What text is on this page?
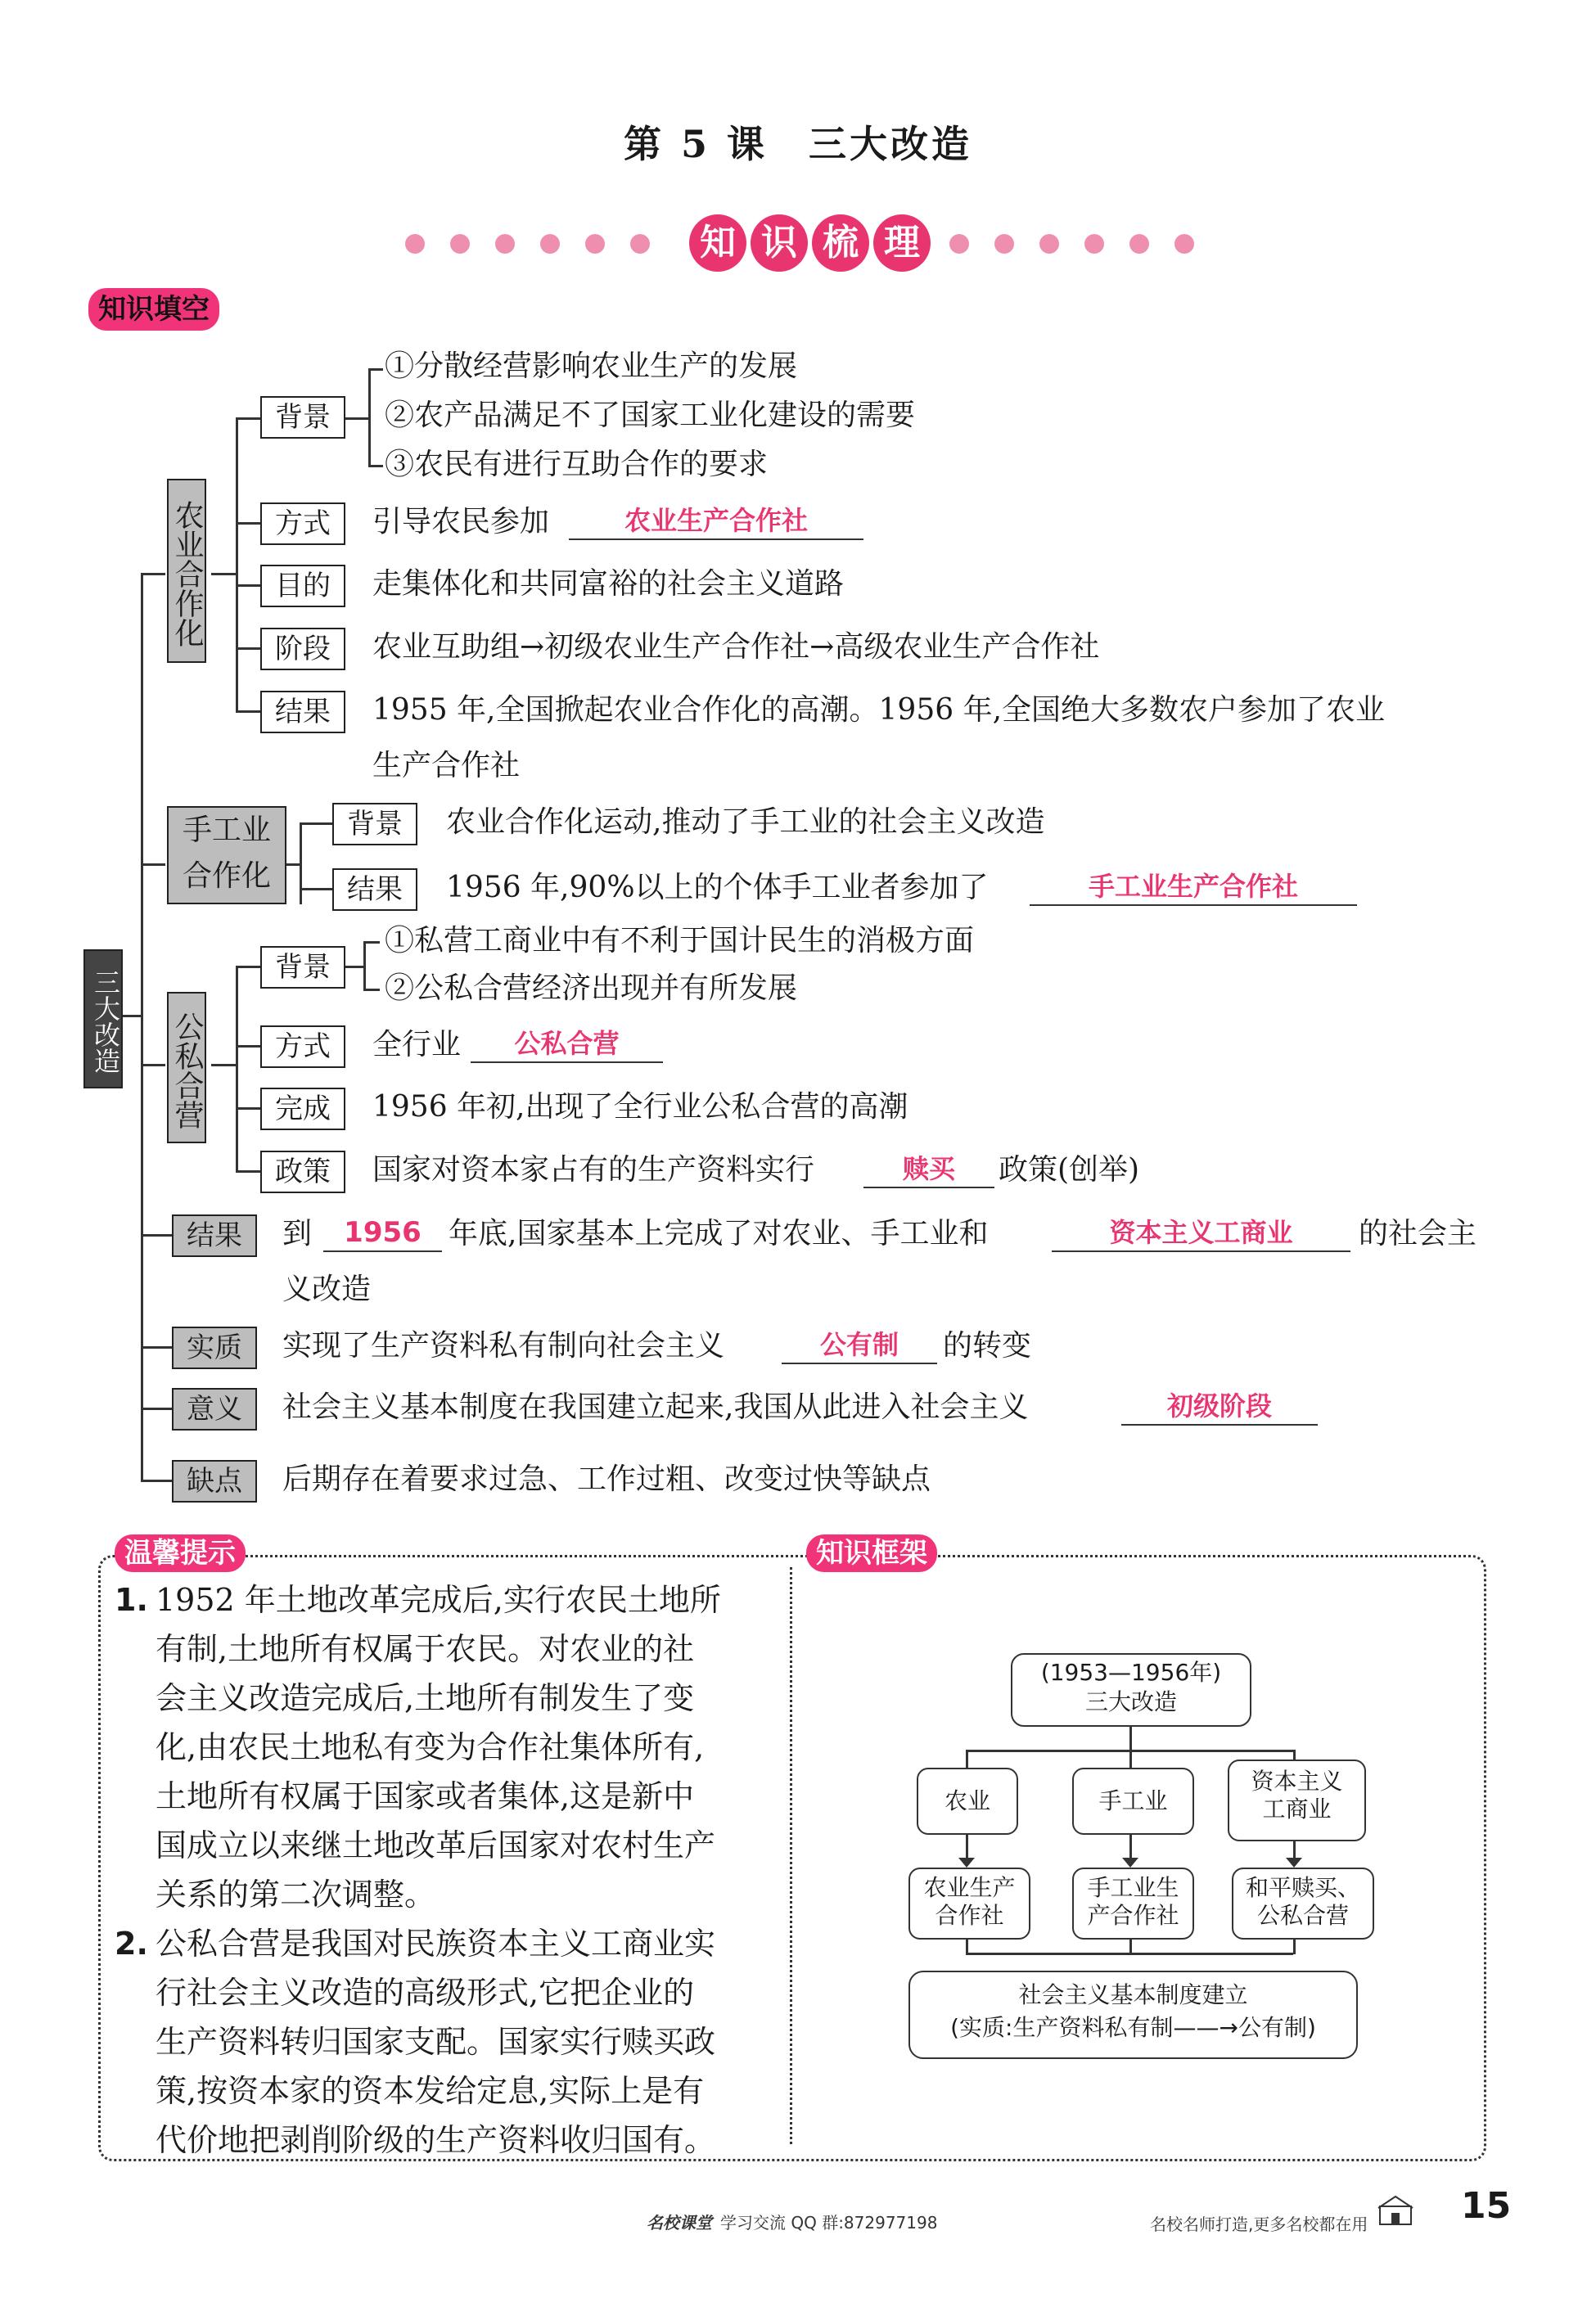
第 5 课　三大改造
知 识 梳 理
知识填空
三大改造
农业合作化
背景
①分散经营影响农业生产的发展
②农产品满足不了国家工业化建设的需要
③农民有进行互助合作的要求
方式	引导农民参加	农业生产合作社
目的	走集体化和共同富裕的社会主义道路
阶段	农业互助组→初级农业生产合作社→高级农业生产合作社
结果	1955 年,全国掀起农业合作化的高潮。1956 年,全国绝大多数农户参加了农业
生产合作社
手工业
合作化
背景	农业合作化运动,推动了手工业的社会主义改造
结果	1956 年,90%以上的个体手工业者参加了	手工业生产合作社
公私合营
背景
①私营工商业中有不利于国计民生的消极方面
②公私合营经济出现并有所发展
方式	全行业	公私合营
完成	1956 年初,出现了全行业公私合营的高潮
政策	国家对资本家占有的生产资料实行	赎买	政策(创举)
结果	到	1956 年底,国家基本上完成了对农业、手工业和	资本主义工商业	的社会主
义改造
实质	实现了生产资料私有制向社会主义	公有制	的转变
意义	社会主义基本制度在我国建立起来,我国从此进入社会主义	初级阶段
缺点	后期存在着要求过急、工作过粗、改变过快等缺点
温馨提示	知识框架
1. 1952 年土地改革完成后,实行农民土地所
有制,土地所有权属于农民。对农业的社
会主义改造完成后,土地所有制发生了变
化,由农民土地私有变为合作社集体所有,
土地所有权属于国家或者集体,这是新中
国成立以来继土地改革后国家对农村生产
关系的第二次调整。
2. 公私合营是我国对民族资本主义工商业实
行社会主义改造的高级形式,它把企业的
生产资料转归国家支配。国家实行赎买政
策,按资本家的资本发给定息,实际上是有
代价地把剥削阶级的生产资料收归国有。
(1953—1956年)
三大改造
农业	手工业
资本主义
工商业
农业生产
合作社
手工业生
产合作社
和平赎买、
公私合营
社会主义基本制度建立
(实质:生产资料私有制——→公有制)
名校课堂 学习交流 QQ 群:872977198	名校名师打造,更多名校都在用	15
